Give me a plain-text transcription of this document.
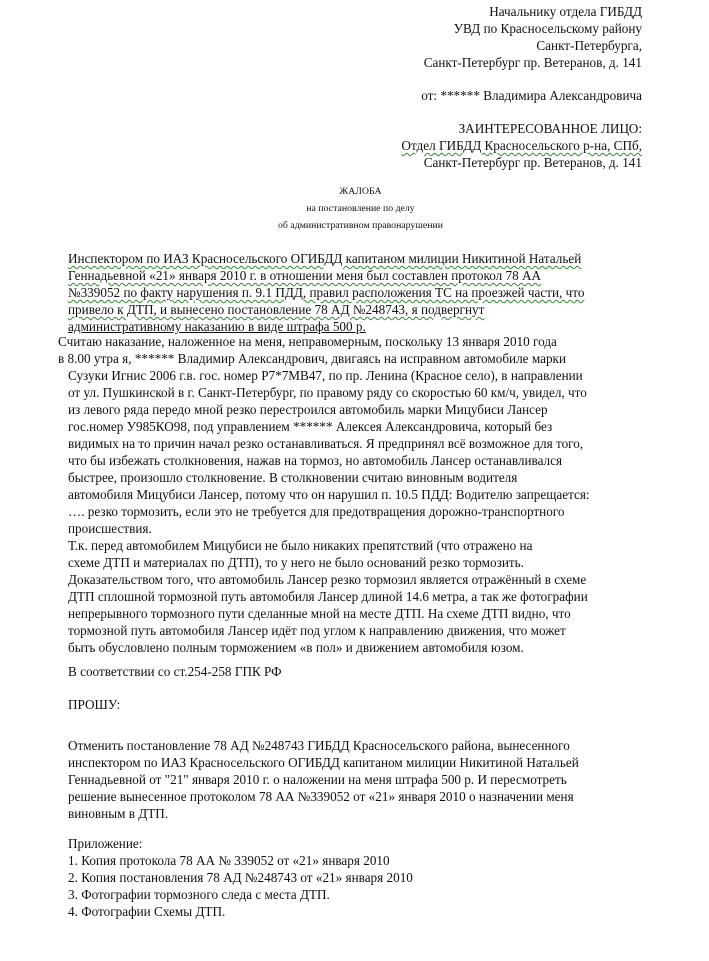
Начальнику отдела ГИБДД
УВД по Красносельскому району
Санкт-Петербурга,
Санкт-Петербург пр. Ветеранов, д. 141
от: ****** Владимира Александровича
ЗАИНТЕРЕСОВАННОЕ ЛИЦО:
Отдел ГИБДД Красносельского р-на, СПб,
Санкт-Петербург пр. Ветеранов, д. 141
ЖАЛОБА
на постановление по делу
об административном правонарушении
Инспектором по ИАЗ Красносельского ОГИБДД капитаном милиции Никитиной Натальей
Геннадьевной «21» января 2010 г. в отношении меня был составлен протокол 78 АА
№339052 по факту нарушения п. 9.1 ПДД, правил расположения ТС на проезжей части, что
привело к ДТП, и вынесено постановление 78 АД №248743, я подвергнут
административному наказанию в виде штрафа 500 р.
Считаю наказание, наложенное на меня, неправомерным, поскольку 13 января 2010 года
в 8.00 утра я, ****** Владимир Александрович, двигаясь на исправном автомобиле марки
Сузуки Игнис 2006 г.в. гос. номер Р7*7МВ47, по пр. Ленина (Красное село), в направлении
от ул. Пушкинской в г. Санкт-Петербург, по правому ряду со скоростью 60 км/ч, увидел, что
из левого ряда передо мной резко перестроился автомобиль марки Мицубиси Лансер
гос.номер У985КО98, под управлением ****** Алексея Александровича, который без
видимых на то причин начал резко останавливаться. Я предпринял всё возможное для того,
что бы избежать столкновения, нажав на тормоз, но автомобиль Лансер останавливался
быстрее, произошло столкновение. В столкновении считаю виновным водителя
автомобиля Мицубиси Лансер, потому что он нарушил п. 10.5 ПДД: Водителю запрещается:
…. резко тормозить, если это не требуется для предотвращения дорожно-транспортного
происшествия.
Т.к. перед автомобилем Мицубиси не было никаких препятствий (что отражено на
схеме ДТП и материалах по ДТП), то у него не было оснований резко тормозить.
Доказательством того, что автомобиль Лансер резко тормозил является отражённый в схеме
ДТП сплошной тормозной путь автомобиля Лансер длиной 14.6 метра, а так же фотографии
непрерывного тормозного пути сделанные мной на месте ДТП. На схеме ДТП видно, что
тормозной путь автомобиля Лансер идёт под углом к направлению движения, что может
быть обусловлено полным торможением «в пол» и движением автомобиля юзом.
В соответствии со ст.254-258 ГПК РФ
ПРОШУ:
Отменить постановление 78 АД №248743 ГИБДД Красносельского района, вынесенного
инспектором по ИАЗ Красносельского ОГИБДД капитаном милиции Никитиной Натальей
Геннадьевной от "21" января 2010 г. о наложении на меня штрафа 500 р. И пересмотреть
решение вынесенное протоколом 78 АА №339052 от «21» января 2010 о назначении меня
виновным в ДТП.
Приложение:
1. Копия протокола 78 АА № 339052 от «21» января 2010
2. Копия постановления 78 АД №248743 от «21» января 2010
3. Фотографии тормозного следа с места ДТП.
4. Фотографии Схемы ДТП.
